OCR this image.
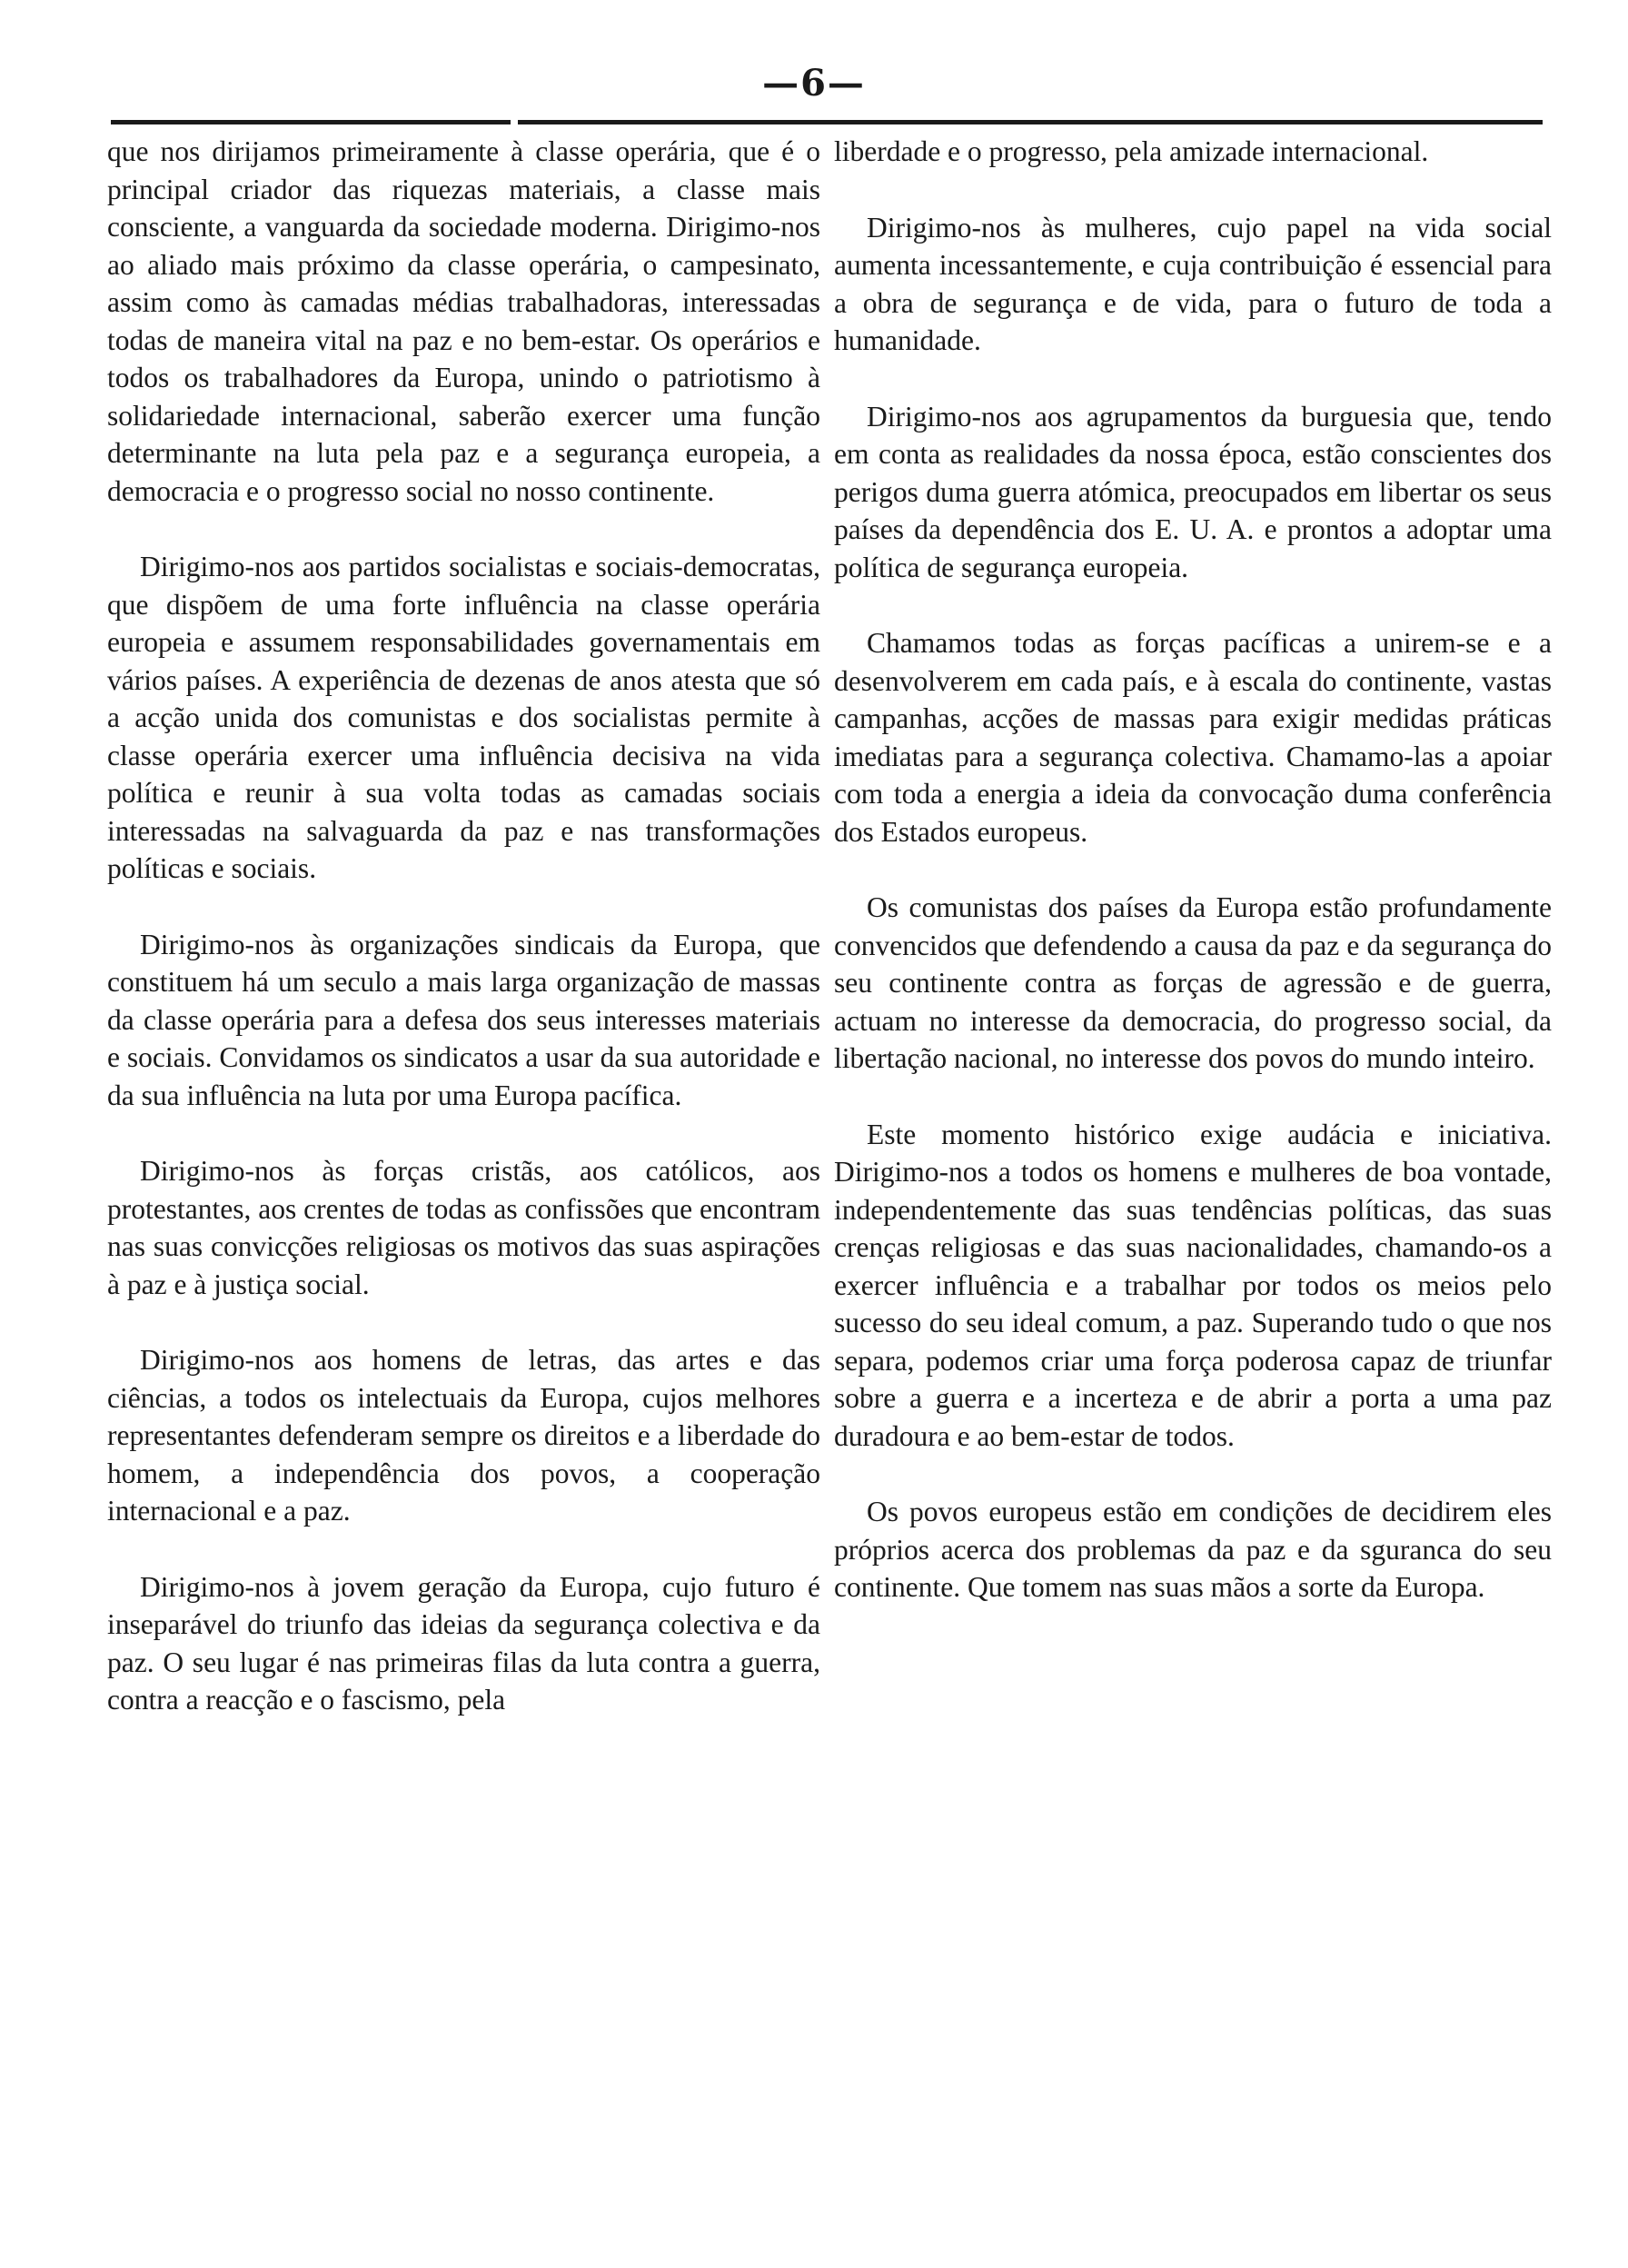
—6—

que nos dirijamos primeiramente à classe operária, que é o principal criador das riquezas materiais, a classe mais consciente, a vanguarda da sociedade moderna. Dirigimo-nos ao aliado mais próximo da classe operária, o campesinato, assim como às camadas médias trabalhadoras, interessadas todas de maneira vital na paz e no bem-estar. Os operários e todos os trabalhadores da Europa, unindo o patriotismo à solidariedade internacional, saberão exercer uma função determinante na luta pela paz e a segurança europeia, a democracia e o progresso social no nosso continente.

Dirigimo-nos aos partidos socialistas e sociais-democratas, que dispõem de uma forte influência na classe operária europeia e assumem responsabilidades governamentais em vários países. A experiência de dezenas de anos atesta que só a acção unida dos comunistas e dos socialistas permite à classe operária exercer uma influência decisiva na vida política e reunir à sua volta todas as camadas sociais interessadas na salvaguarda da paz e nas transformações políticas e sociais.

Dirigimo-nos às organizações sindicais da Europa, que constituem há um seculo a mais larga organização de massas da classe operária para a defesa dos seus interesses materiais e sociais. Convidamos os sindicatos a usar da sua autoridade e da sua influência na luta por uma Europa pacífica.

Dirigimo-nos às forças cristãs, aos católicos, aos protestantes, aos crentes de todas as confissões que encontram nas suas convicções religiosas os motivos das suas aspirações à paz e à justiça social.

Dirigimo-nos aos homens de letras, das artes e das ciências, a todos os intelectuais da Europa, cujos melhores representantes defenderam sempre os direitos e a liberdade do homem, a independência dos povos, a cooperação internacional e a paz.

Dirigimo-nos à jovem geração da Europa, cujo futuro é inseparável do triunfo das ideias da segurança colectiva e da paz. O seu lugar é nas primeiras filas da luta contra a guerra, contra a reacção e o fascismo, pela

liberdade e o progresso, pela amizade internacional.

Dirigimo-nos às mulheres, cujo papel na vida social aumenta incessantemente, e cuja contribuição é essencial para a obra de segurança e de vida, para o futuro de toda a humanidade.

Dirigimo-nos aos agrupamentos da burguesia que, tendo em conta as realidades da nossa época, estão conscientes dos perigos duma guerra atómica, preocupados em libertar os seus países da dependência dos E. U. A. e prontos a adoptar uma política de segurança europeia.

Chamamos todas as forças pacíficas a unirem-se e a desenvolverem em cada país, e à escala do continente, vastas campanhas, acções de massas para exigir medidas práticas imediatas para a segurança colectiva. Chamamo-las a apoiar com toda a energia a ideia da convocação duma conferência dos Estados europeus.

Os comunistas dos países da Europa estão profundamente convencidos que defendendo a causa da paz e da segurança do seu continente contra as forças de agressão e de guerra, actuam no interesse da democracia, do progresso social, da libertação nacional, no interesse dos povos do mundo inteiro.

Este momento histórico exige audácia e iniciativa. Dirigimo-nos a todos os homens e mulheres de boa vontade, independentemente das suas tendências políticas, das suas crenças religiosas e das suas nacionalidades, chamando-os a exercer influência e a trabalhar por todos os meios pelo sucesso do seu ideal comum, a paz. Superando tudo o que nos separa, podemos criar uma força poderosa capaz de triunfar sobre a guerra e a incerteza e de abrir a porta a uma paz duradoura e ao bem-estar de todos.

Os povos europeus estão em condições de decidirem eles próprios acerca dos problemas da paz e da sguranca do seu continente. Que tomem nas suas mãos a sorte da Europa.
